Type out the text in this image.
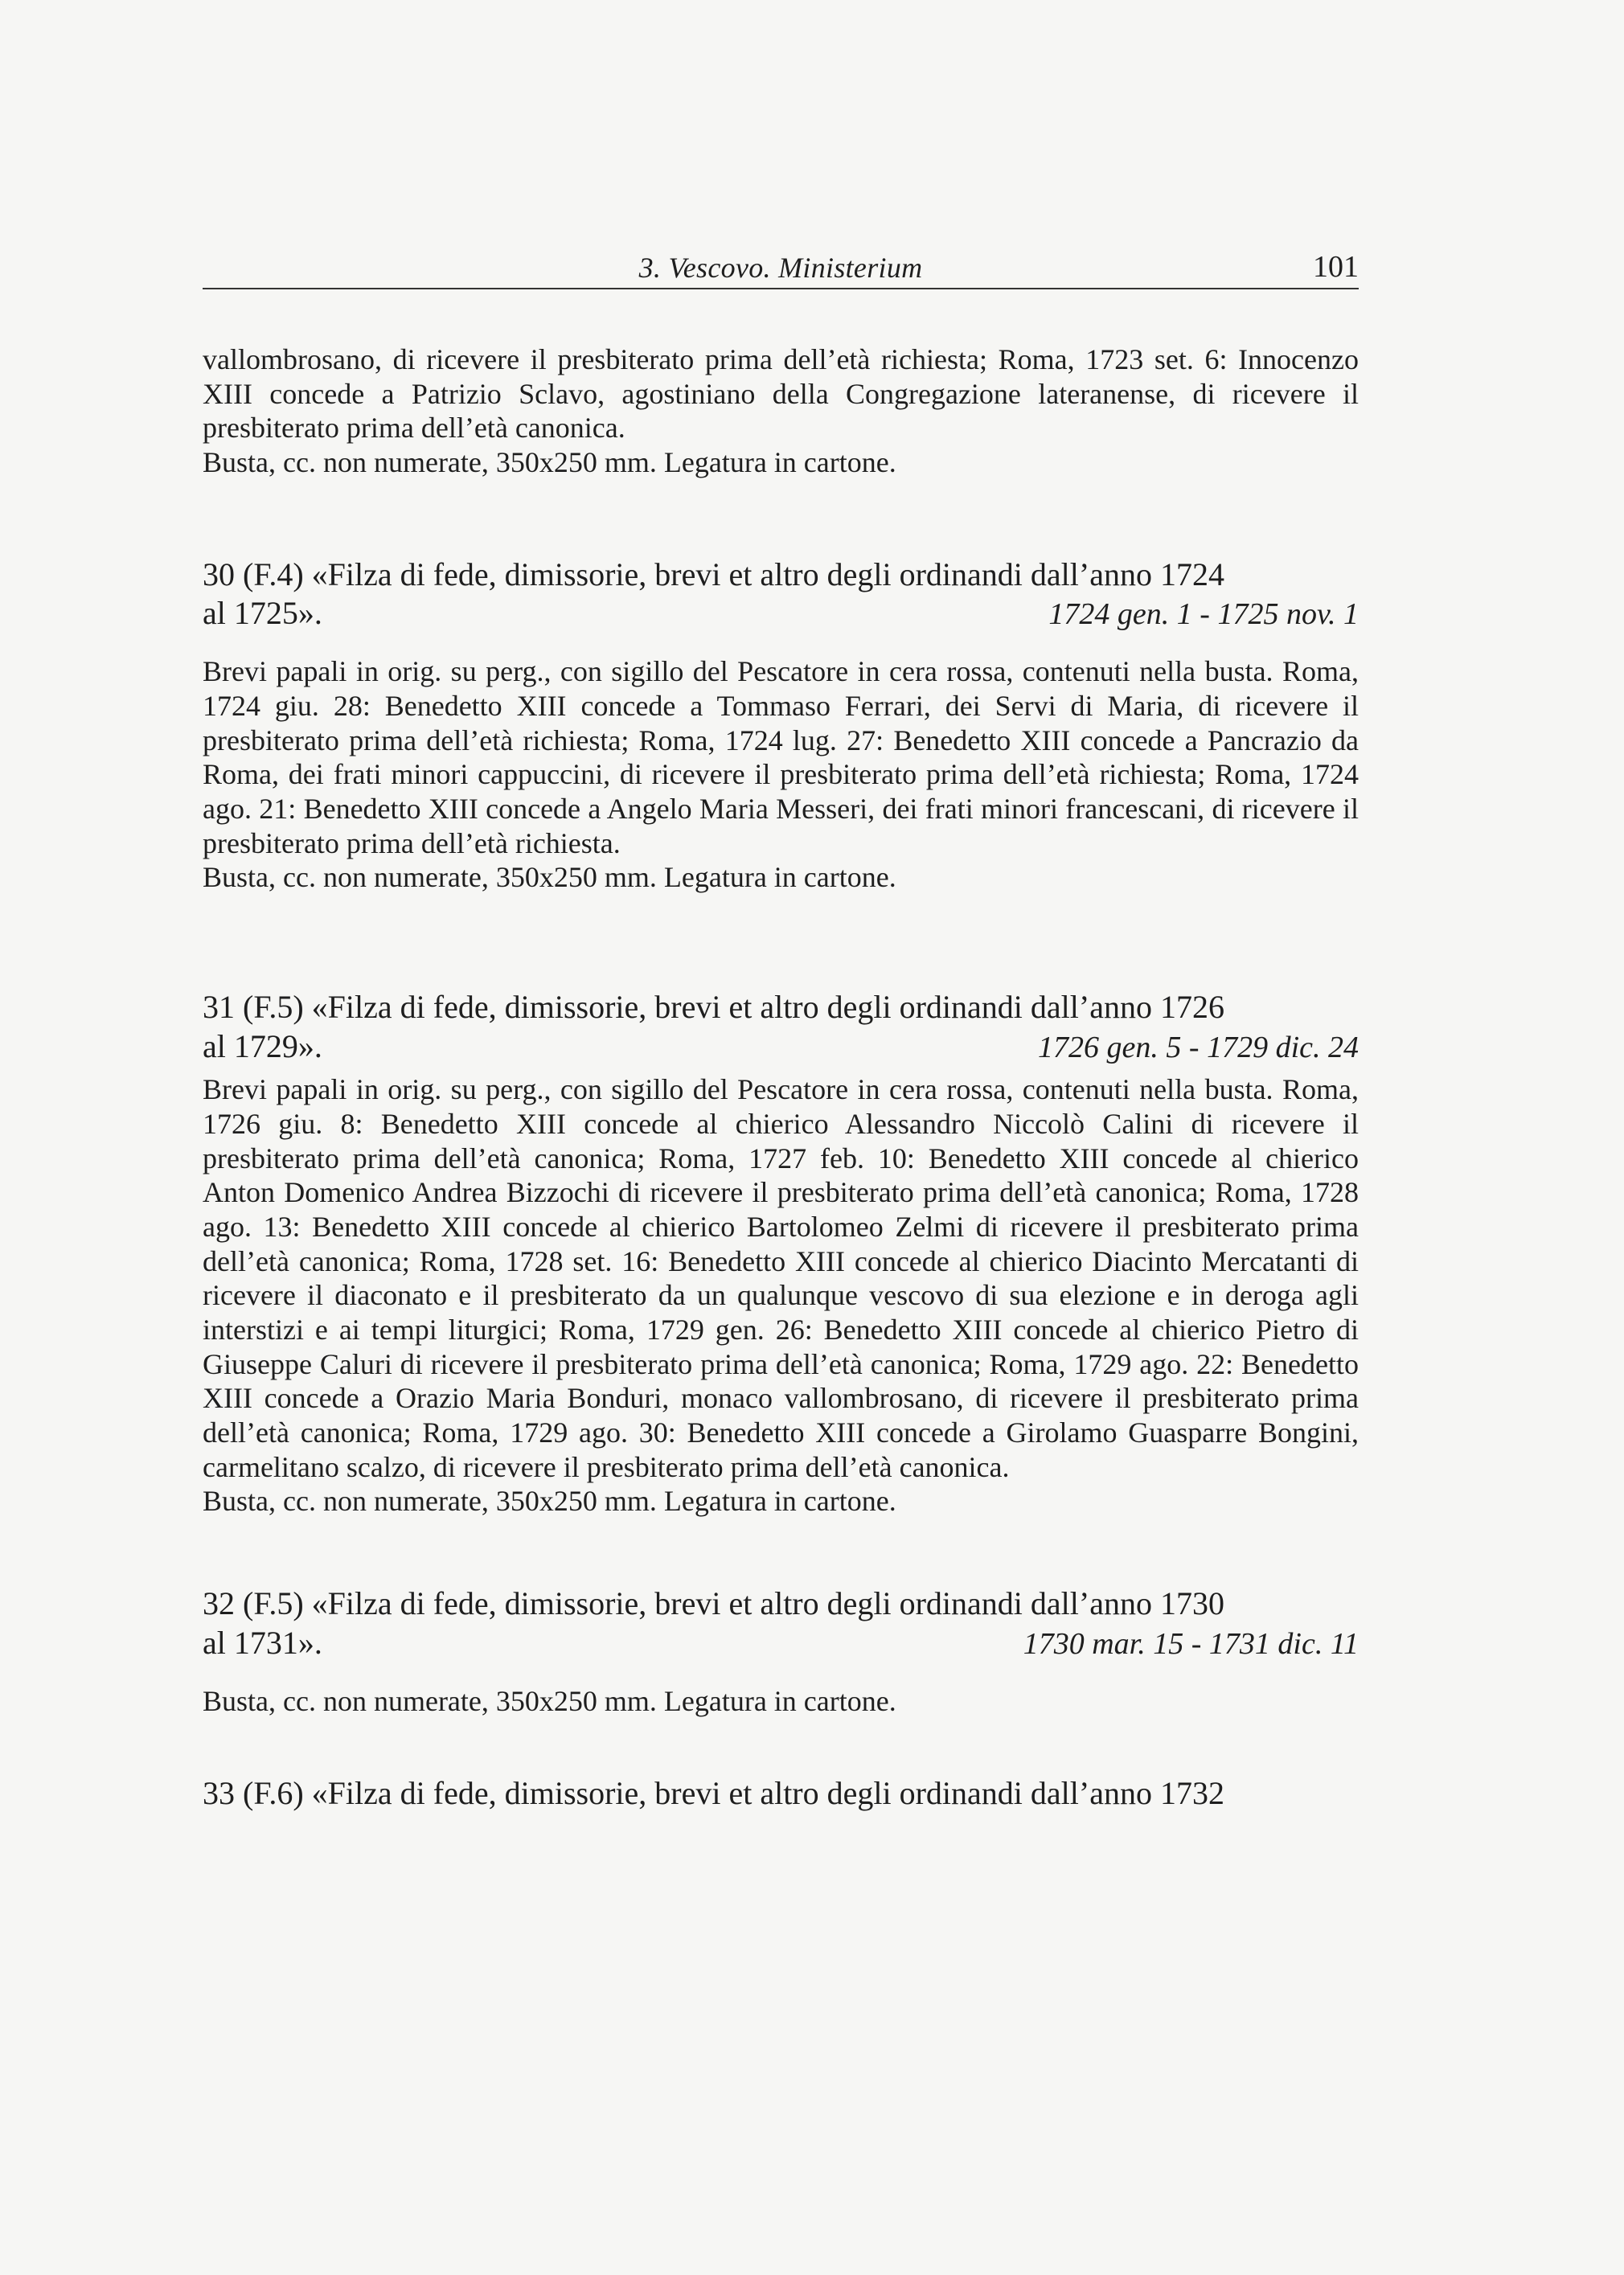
3. Vescovo. Ministerium	101

vallombrosano, di ricevere il presbiterato prima dell’età richiesta; Roma, 1723 set. 6: Innocenzo XIII concede a Patrizio Sclavo, agostiniano della Congregazione lateranense, di ricevere il presbiterato prima dell’età canonica.

Busta, cc. non numerate, 350x250 mm. Legatura in cartone.

30 (F.4) «Filza di fede, dimissorie, brevi et altro degli ordinandi dall’anno 1724
al 1725».	1724 gen. 1 - 1725 nov. 1

Brevi papali in orig. su perg., con sigillo del Pescatore in cera rossa, contenuti nella busta. Roma, 1724 giu. 28: Benedetto XIII concede a Tommaso Ferrari, dei Servi di Maria, di ricevere il presbiterato prima dell’età richiesta; Roma, 1724 lug. 27: Benedetto XIII concede a Pancrazio da Roma, dei frati minori cappuccini, di ricevere il presbiterato prima dell’età richiesta; Roma, 1724 ago. 21: Benedetto XIII concede a Angelo Maria Messeri, dei frati minori francescani, di ricevere il presbiterato prima dell’età richiesta.

Busta, cc. non numerate, 350x250 mm. Legatura in cartone.

31 (F.5) «Filza di fede, dimissorie, brevi et altro degli ordinandi dall’anno 1726
al 1729».	1726 gen. 5 - 1729 dic. 24

Brevi papali in orig. su perg., con sigillo del Pescatore in cera rossa, contenuti nella busta. Roma, 1726 giu. 8: Benedetto XIII concede al chierico Alessandro Niccolò Calini di ricevere il presbiterato prima dell’età canonica; Roma, 1727 feb. 10: Benedetto XIII concede al chierico Anton Domenico Andrea Bizzochi di ricevere il presbiterato prima dell’età canonica; Roma, 1728 ago. 13: Benedetto XIII concede al chierico Bartolomeo Zelmi di ricevere il presbiterato prima dell’età canonica; Roma, 1728 set. 16: Benedetto XIII concede al chierico Diacinto Mercatanti di ricevere il diaconato e il presbiterato da un qualunque vescovo di sua elezione e in deroga agli interstizi e ai tempi liturgici; Roma, 1729 gen. 26: Benedetto XIII concede al chierico Pietro di Giuseppe Caluri di ricevere il presbiterato prima dell’età canonica; Roma, 1729 ago. 22: Benedetto XIII concede a Orazio Maria Bonduri, monaco vallombrosano, di ricevere il presbiterato prima dell’età canonica; Roma, 1729 ago. 30: Benedetto XIII concede a Girolamo Guasparre Bongini, carmelitano scalzo, di ricevere il presbiterato prima dell’età canonica.

Busta, cc. non numerate, 350x250 mm. Legatura in cartone.

32 (F.5) «Filza di fede, dimissorie, brevi et altro degli ordinandi dall’anno 1730
al 1731».	1730 mar. 15 - 1731 dic. 11

Busta, cc. non numerate, 350x250 mm. Legatura in cartone.

33 (F.6) «Filza di fede, dimissorie, brevi et altro degli ordinandi dall’anno 1732
